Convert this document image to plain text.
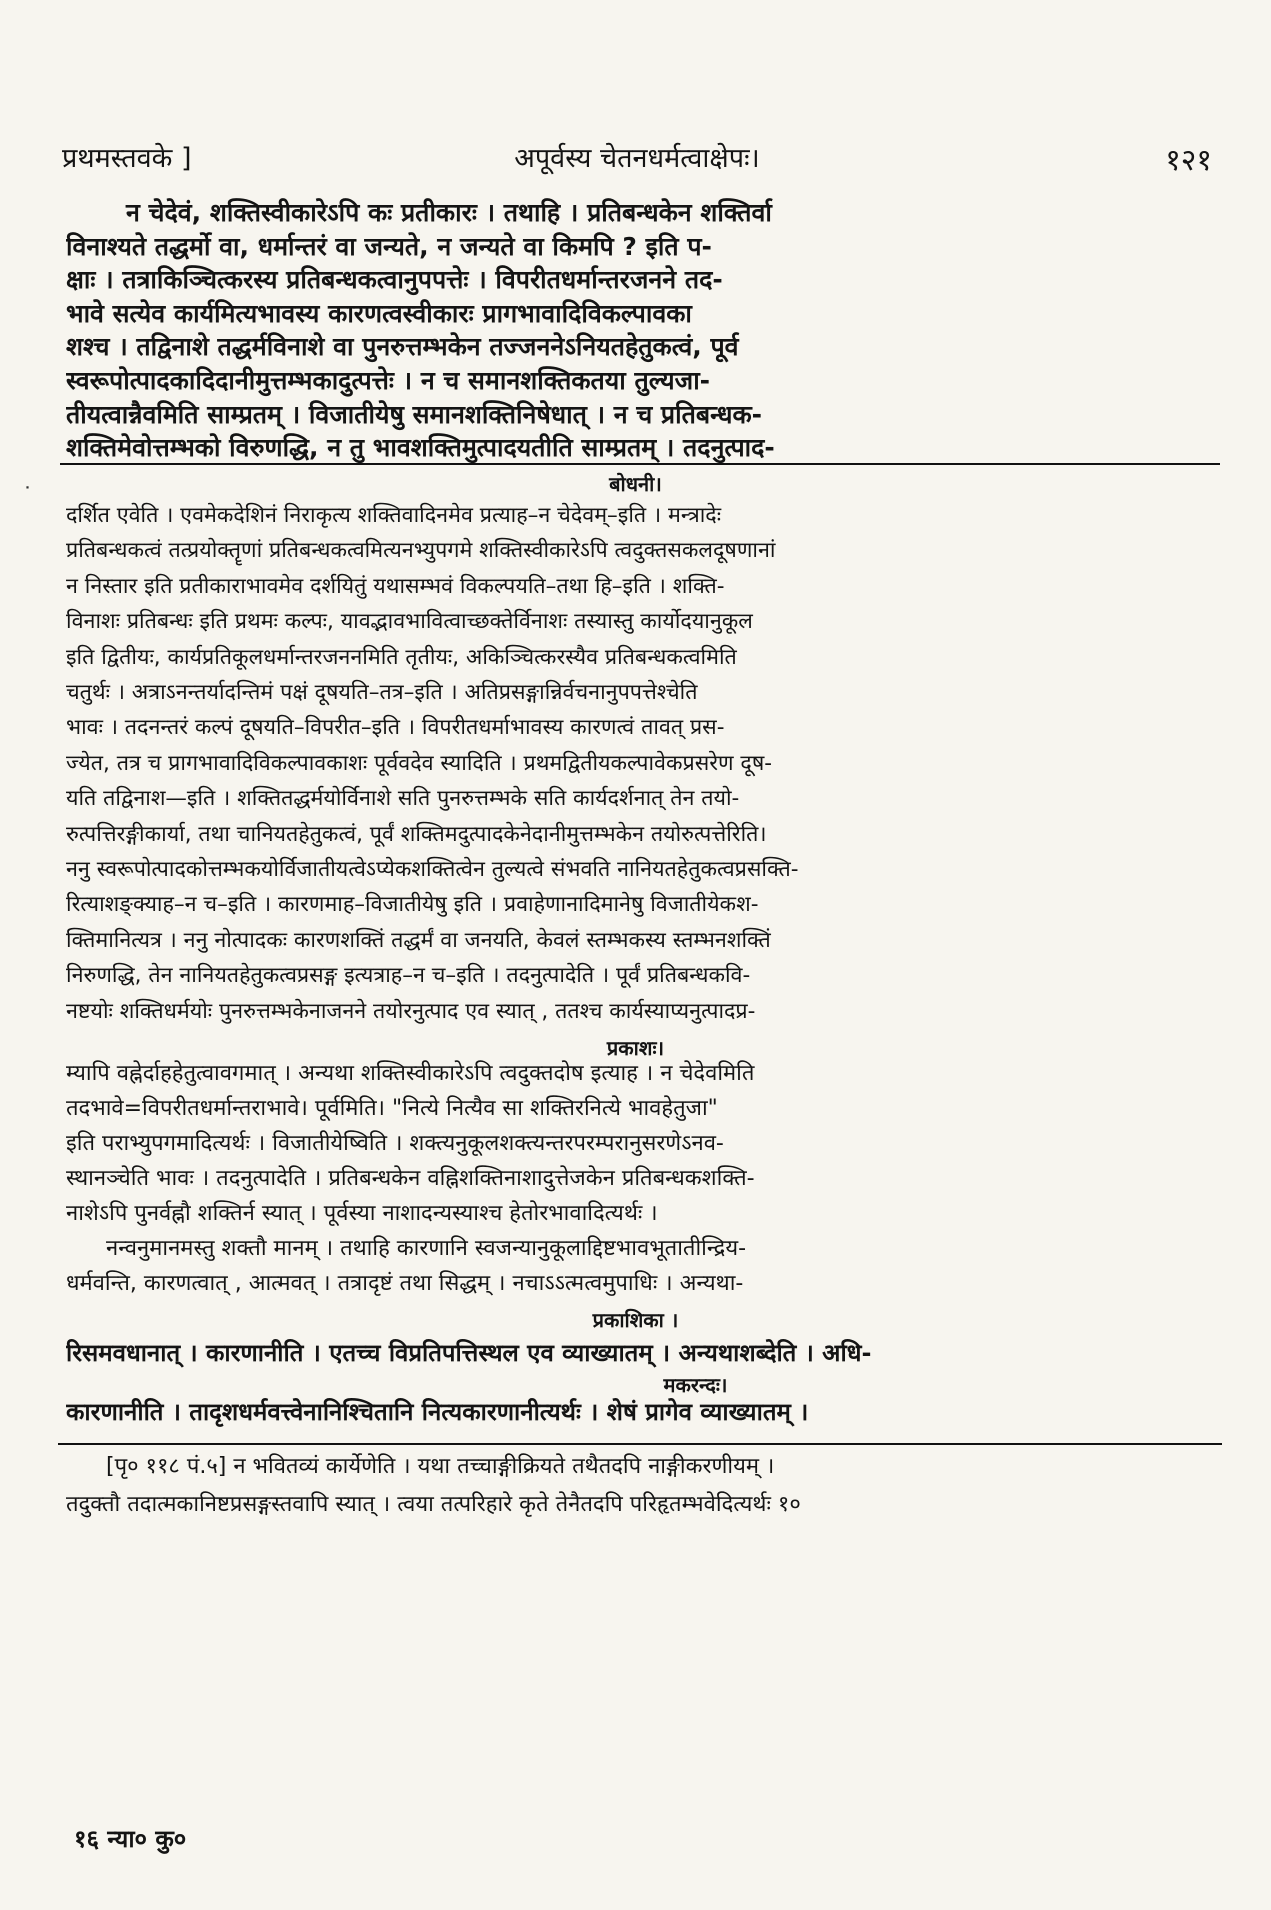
प्रथमस्तवके ]	अपूर्वस्य चेतनधर्मत्वाक्षेपः।	१२१
न चेदेवं, शक्तिस्वीकारेऽपि कः प्रतीकारः । तथाहि । प्रतिबन्धकेन शक्तिर्वा
विनाश्यते तद्धर्मो वा, धर्मान्तरं वा जन्यते, न जन्यते वा किमपि ? इति प-
क्षाः । तत्राकिञ्चित्करस्य प्रतिबन्धकत्वानुपपत्तेः । विपरीतधर्मान्तरजनने तद-
भावे सत्येव कार्यमित्यभावस्य कारणत्वस्वीकारः प्रागभावादिविकल्पावका
शश्च । तद्विनाशे तद्धर्मविनाशे वा पुनरुत्तम्भकेन तज्जननेऽनियतहेतुकत्वं, पूर्व
स्वरूपोत्पादकादिदानीमुत्तम्भकादुत्पत्तेः । न च समानशक्तिकतया तुल्यजा-
तीयत्वान्नैवमिति साम्प्रतम् । विजातीयेषु समानशक्तिनिषेधात् । न च प्रतिबन्धक-
शक्तिमेवोत्तम्भको विरुणद्धि, न तु भावशक्तिमुत्पादयतीति साम्प्रतम् । तदनुत्पाद-
बोधनी।
˙
दर्शित एवेति । एवमेकदेशिनं निराकृत्य शक्तिवादिनमेव प्रत्याह–न चेदेवम्–इति । मन्त्रादेः
प्रतिबन्धकत्वं तत्प्रयोक्तॄणां प्रतिबन्धकत्वमित्यनभ्युपगमे शक्तिस्वीकारेऽपि त्वदुक्तसकलदूषणानां
न निस्तार इति प्रतीकाराभावमेव दर्शयितुं यथासम्भवं विकल्पयति–तथा हि–इति । शक्ति-
विनाशः प्रतिबन्धः इति प्रथमः कल्पः, यावद्भावभावित्वाच्छक्तेर्विनाशः तस्यास्तु कार्योदयानुकूल
इति द्वितीयः, कार्यप्रतिकूलधर्मान्तरजननमिति तृतीयः, अकिञ्चित्करस्यैव प्रतिबन्धकत्वमिति
चतुर्थः । अत्राऽनन्तर्यादन्तिमं पक्षं दूषयति–तत्र–इति । अतिप्रसङ्गान्निर्वचनानुपपत्तेश्चेति
भावः । तदनन्तरं कल्पं दूषयति–विपरीत–इति । विपरीतधर्माभावस्य कारणत्वं तावत् प्रस-
ज्येत, तत्र च प्रागभावादिविकल्पावकाशः पूर्ववदेव स्यादिति । प्रथमद्वितीयकल्पावेकप्रसरेण दूष-
यति तद्विनाश—इति । शक्तितद्धर्मयोर्विनाशे सति पुनरुत्तम्भके सति कार्यदर्शनात् तेन तयो-
रुत्पत्तिरङ्गीकार्या, तथा चानियतहेतुकत्वं, पूर्वं शक्तिमदुत्पादकेनेदानीमुत्तम्भकेन तयोरुत्पत्तेरिति।
ननु स्वरूपोत्पादकोत्तम्भकयोर्विजातीयत्वेऽप्येकशक्तित्वेन तुल्यत्वे संभवति नानियतहेतुकत्वप्रसक्ति-
रित्याशङ्क्याह–न च–इति । कारणमाह–विजातीयेषु इति । प्रवाहेणानादिमानेषु विजातीयेकश-
क्तिमानित्यत्र । ननु नोत्पादकः कारणशक्तिं तद्धर्मं वा जनयति, केवलं स्तम्भकस्य स्तम्भनशक्तिं
निरुणद्धि, तेन नानियतहेतुकत्वप्रसङ्ग इत्यत्राह–न च–इति । तदनुत्पादेति । पूर्वं प्रतिबन्धकवि-
नष्टयोः शक्तिधर्मयोः पुनरुत्तम्भकेनाजनने तयोरनुत्पाद एव स्यात् , ततश्च कार्यस्याप्यनुत्पादप्र-
प्रकाशः।
म्यापि वह्नेर्दाहहेतुत्वावगमात् । अन्यथा शक्तिस्वीकारेऽपि त्वदुक्तदोष इत्याह । न चेदेवमिति
तदभावे=विपरीतधर्मान्तराभावे। पूर्वमिति। "नित्ये नित्यैव सा शक्तिरनित्ये भावहेतुजा"
इति पराभ्युपगमादित्यर्थः । विजातीयेष्विति । शक्त्यनुकूलशक्त्यन्तरपरम्परानुसरणेऽनव-
स्थानञ्चेति भावः । तदनुत्पादेति । प्रतिबन्धकेन वह्निशक्तिनाशादुत्तेजकेन प्रतिबन्धकशक्ति-
नाशेऽपि पुनर्वह्नौ शक्तिर्न स्यात् । पूर्वस्या नाशादन्यस्याश्च हेतोरभावादित्यर्थः ।
नन्वनुमानमस्तु शक्तौ मानम् । तथाहि कारणानि स्वजन्यानुकूलाद्दिष्टभावभूतातीन्द्रिय-
धर्मवन्ति, कारणत्वात् , आत्मवत् । तत्रादृष्टं तथा सिद्धम् । नचाऽऽत्मत्वमुपाधिः । अन्यथा-
प्रकाशिका ।
रिसमवधानात् । कारणानीति । एतच्च विप्रतिपत्तिस्थल एव व्याख्यातम् । अन्यथाशब्देति । अधि-
मकरन्दः।
कारणानीति । तादृशधर्मवत्त्वेनानिश्चितानि नित्यकारणानीत्यर्थः । शेषं प्रागेव व्याख्यातम् ।
[पृ० ११८ पं.५] न भवितव्यं कार्येणेति । यथा तच्चाङ्गीक्रियते तथैतदपि नाङ्गीकरणीयम् ।
तदुक्तौ तदात्मकानिष्टप्रसङ्गस्तवापि स्यात् । त्वया तत्परिहारे कृते तेनैतदपि परिहृतम्भवेदित्यर्थः १०
१६ न्या० कु०
